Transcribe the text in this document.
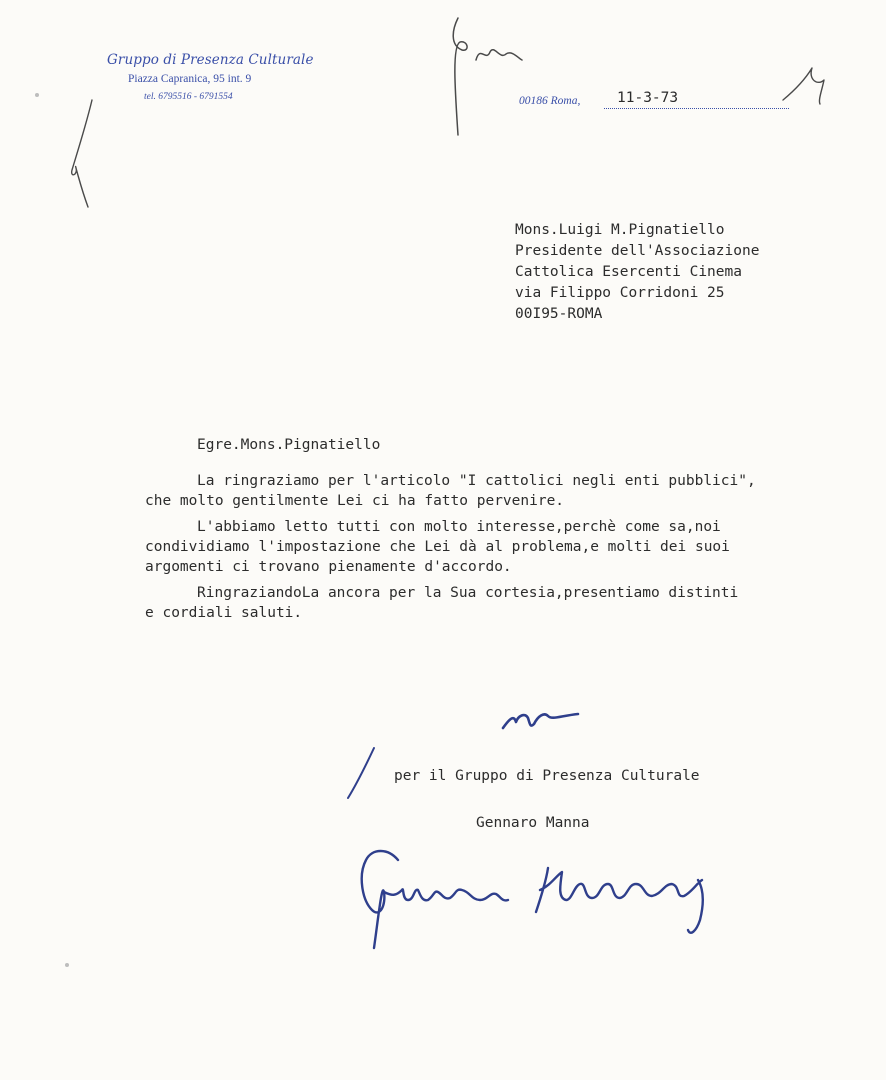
Gruppo di Presenza Culturale
Piazza Capranica, 95 int. 9
tel. 6795516 - 6791554	00186 Roma,	11-3-73
Mons.Luigi M.Pignatiello
Presidente dell'Associazione
Cattolica Esercenti Cinema
via Filippo Corridoni 25
00I95-ROMA
Egre.Mons.Pignatiello
La ringraziamo per l'articolo "I cattolici negli enti pubblici",
che molto gentilmente Lei ci ha fatto pervenire.
L'abbiamo letto tutti con molto interesse,perchè come sa,noi
condividiamo l'impostazione che Lei dà al problema,e molti dei suoi
argomenti ci trovano pienamente d'accordo.
RingraziandoLa ancora per la Sua cortesia,presentiamo distinti
e cordiali saluti.
per il Gruppo di Presenza Culturale
Gennaro Manna
